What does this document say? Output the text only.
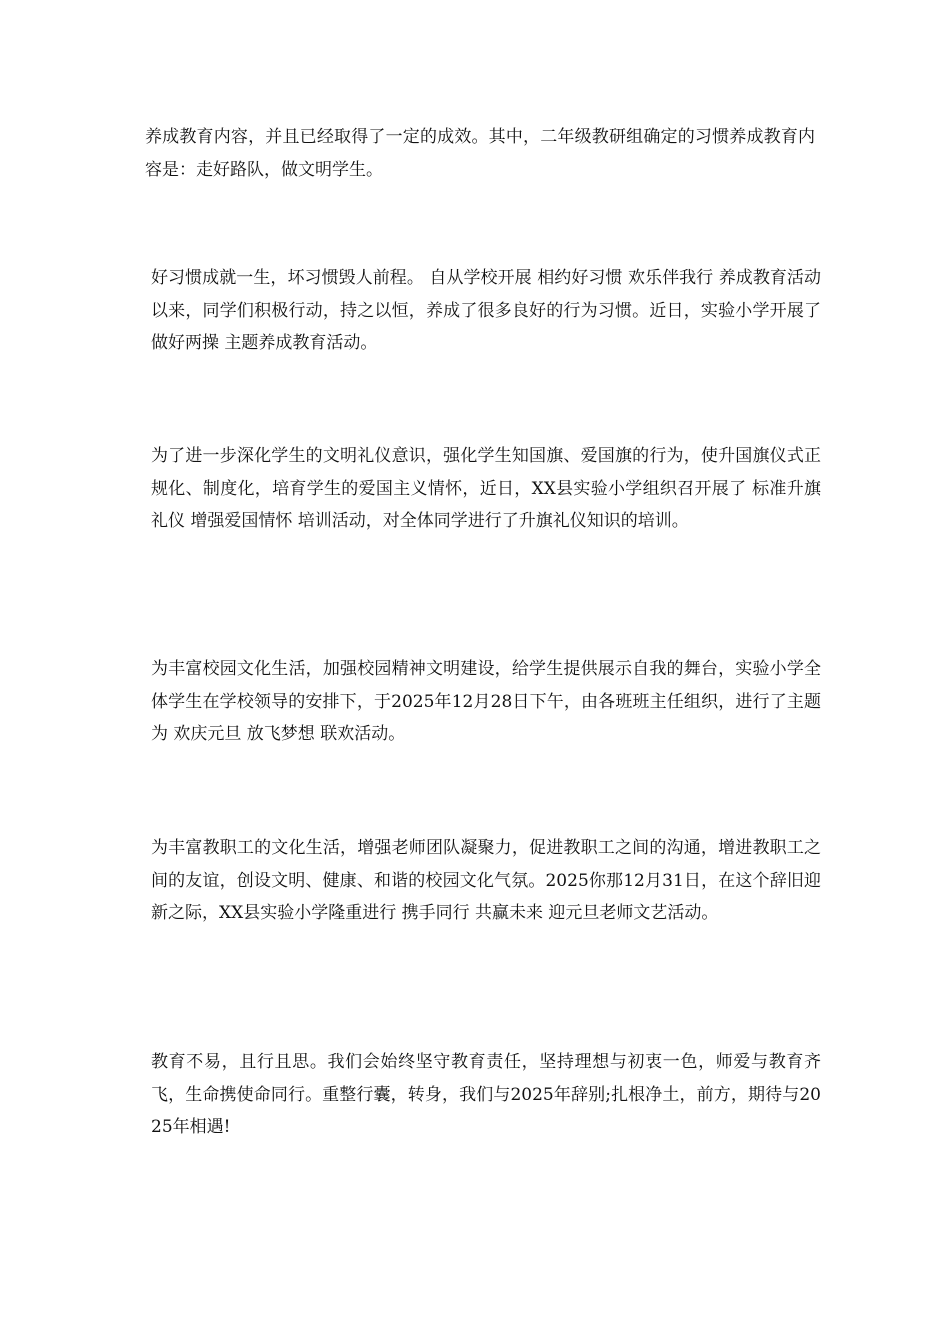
养成教育内容，并且已经取得了一定的成效。其中，二年级教研组确定的习惯养成教育内容是：走好路队，做文明学生。

好习惯成就一生，坏习惯毁人前程。 自从学校开展 相约好习惯 欢乐伴我行 养成教育活动以来，同学们积极行动，持之以恒，养成了很多良好的行为习惯。近日，实验小学开展了 做好两操 主题养成教育活动。

为了进一步深化学生的文明礼仪意识，强化学生知国旗、爱国旗的行为，使升国旗仪式正规化、制度化，培育学生的爱国主义情怀，近日，XX县实验小学组织召开展了 标准升旗礼仪 增强爱国情怀 培训活动，对全体同学进行了升旗礼仪知识的培训。

为丰富校园文化生活，加强校园精神文明建设，给学生提供展示自我的舞台，实验小学全体学生在学校领导的安排下，于2025年12月28日下午，由各班班主任组织，进行了主题为 欢庆元旦 放飞梦想 联欢活动。

为丰富教职工的文化生活，增强老师团队凝聚力，促进教职工之间的沟通，增进教职工之间的友谊，创设文明、健康、和谐的校园文化气氛。2025你那12月31日，在这个辞旧迎新之际，XX县实验小学隆重进行 携手同行 共赢未来 迎元旦老师文艺活动。

教育不易，且行且思。我们会始终坚守教育责任，坚持理想与初衷一色，师爱与教育齐飞，生命携使命同行。重整行囊，转身，我们与2025年辞别;扎根净土，前方，期待与2025年相遇!
